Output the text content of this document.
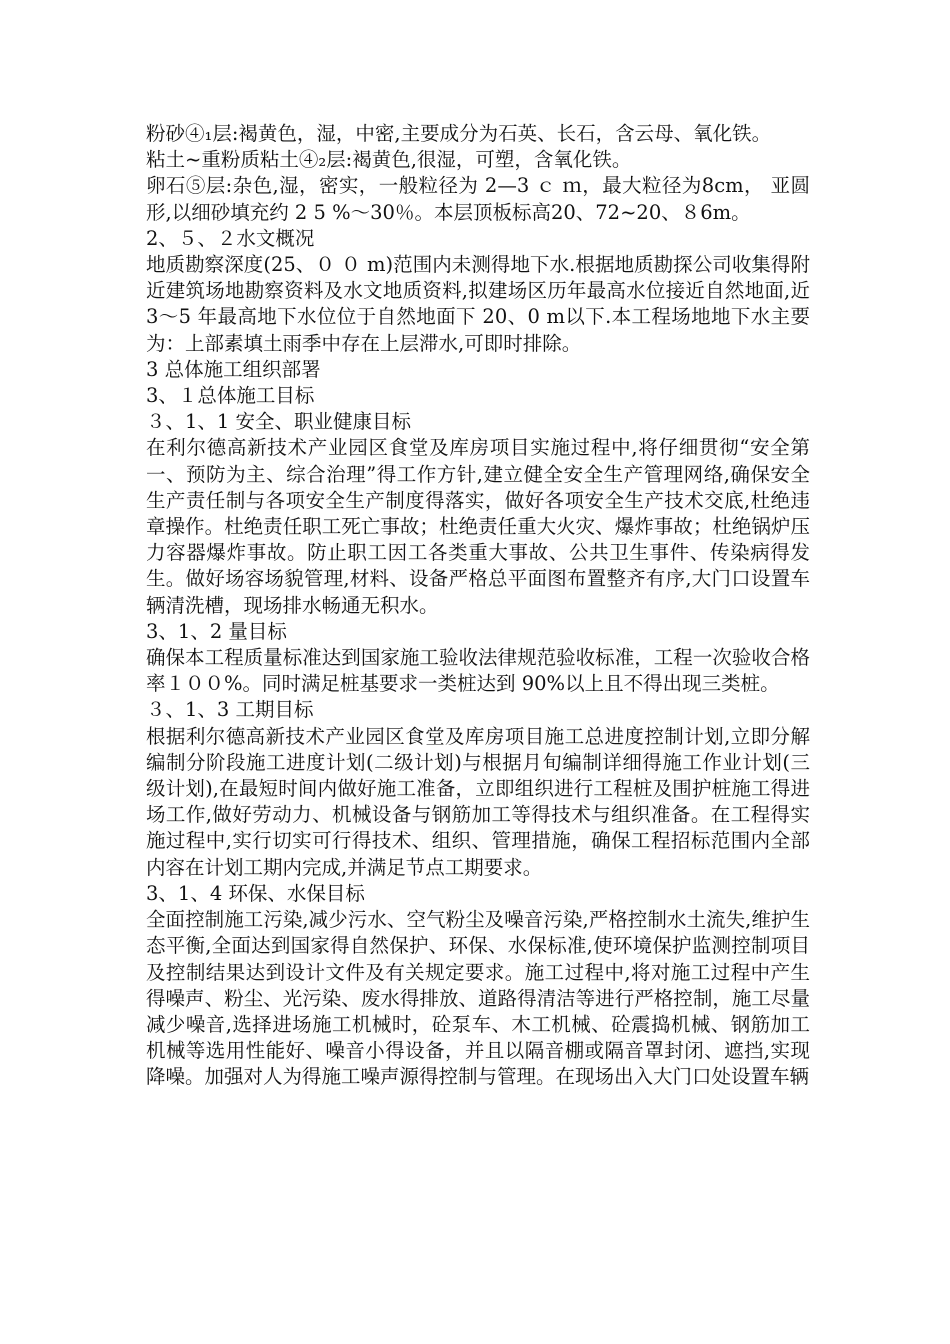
粉砂④₁层:褐黄色，湿，中密,主要成分为石英、长石，含云母、氧化铁。

粘土~重粉质粘土④₂层:褐黄色,很湿，可塑，含氧化铁。

卵石⑤层:杂色,湿，密实，一般粒径为 2—3 ｃ ｍ，最大粒径为8cm， 亚圆形,以细砂填充约 2 5 %～30％。本层顶板标高20、72~20、８6m。

2、５、２水文概况

地质勘察深度(25、０ ０ m)范围内未测得地下水.根据地质勘探公司收集得附近建筑场地勘察资料及水文地质资料,拟建场区历年最高水位接近自然地面,近 3～5 年最高地下水位位于自然地面下 20、0 m以下.本工程场地地下水主要为：上部素填土雨季中存在上层滞水,可即时排除。

3 总体施工组织部署
3、１总体施工目标
３、1、1 安全、职业健康目标

在利尔德高新技术产业园区食堂及库房项目实施过程中,将仔细贯彻“安全第一、预防为主、综合治理”得工作方针,建立健全安全生产管理网络,确保安全生产责任制与各项安全生产制度得落实，做好各项安全生产技术交底,杜绝违章操作。杜绝责任职工死亡事故；杜绝责任重大火灾、爆炸事故；杜绝锅炉压力容器爆炸事故。防止职工因工各类重大事故、公共卫生事件、传染病得发生。做好场容场貌管理,材料、设备严格总平面图布置整齐有序,大门口设置车辆清洗槽，现场排水畅通无积水。

3、1、2 量目标

确保本工程质量标准达到国家施工验收法律规范验收标准，工程一次验收合格率１００%。同时满足桩基要求一类桩达到 90%以上且不得出现三类桩。

３、1、3 工期目标

根据利尔德高新技术产业园区食堂及库房项目施工总进度控制计划,立即分解编制分阶段施工进度计划(二级计划)与根据月旬编制详细得施工作业计划(三级计划),在最短时间内做好施工准备，立即组织进行工程桩及围护桩施工得进场工作,做好劳动力、机械设备与钢筋加工等得技术与组织准备。在工程得实施过程中,实行切实可行得技术、组织、管理措施，确保工程招标范围内全部内容在计划工期内完成,并满足节点工期要求。

3、1、4 环保、水保目标

全面控制施工污染,减少污水、空气粉尘及噪音污染,严格控制水土流失,维护生态平衡,全面达到国家得自然保护、环保、水保标准,使环境保护监测控制项目及控制结果达到设计文件及有关规定要求。施工过程中,将对施工过程中产生得噪声、粉尘、光污染、废水得排放、道路得清洁等进行严格控制，施工尽量减少噪音,选择进场施工机械时，砼泵车、木工机械、砼震捣机械、钢筋加工机械等选用性能好、噪音小得设备，并且以隔音棚或隔音罩封闭、遮挡,实现降噪。加强对人为得施工噪声源得控制与管理。在现场出入大门口处设置车辆
